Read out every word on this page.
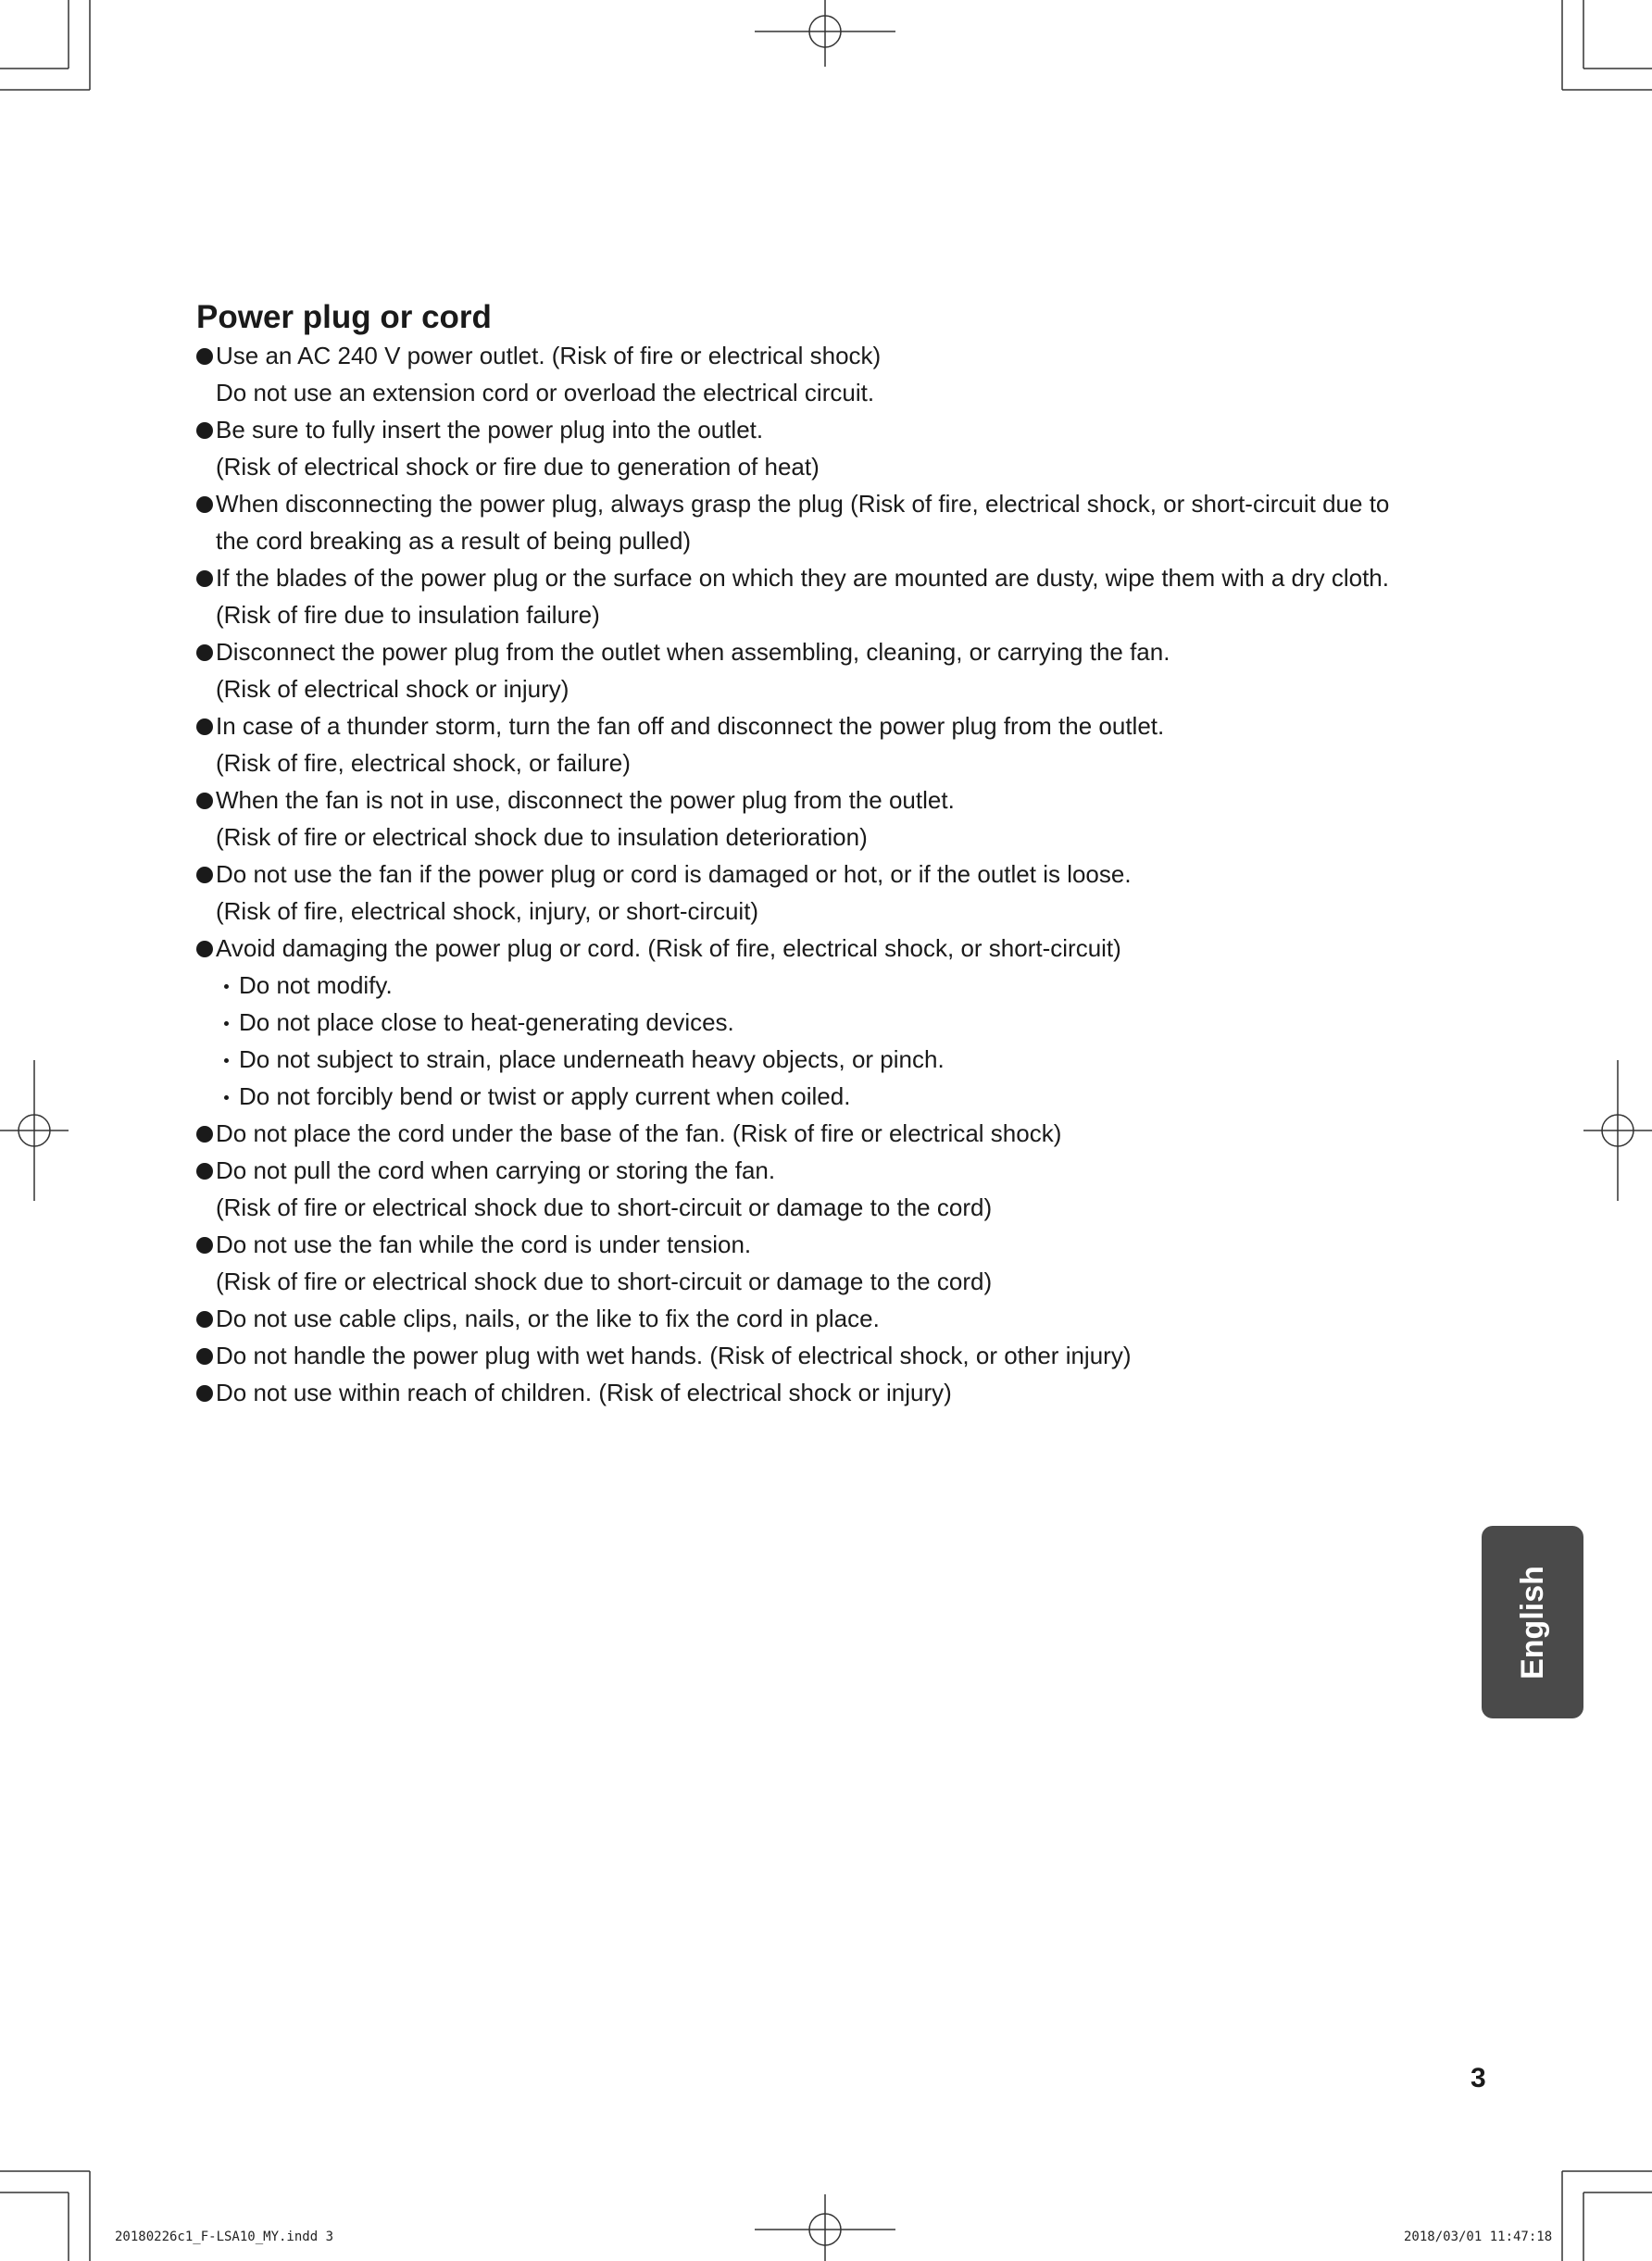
Power plug or cord
Use an AC 240 V power outlet. (Risk of fire or electrical shock)
Do not use an extension cord or overload the electrical circuit.
Be sure to fully insert the power plug into the outlet.
(Risk of electrical shock or fire due to generation of heat)
When disconnecting the power plug, always grasp the plug (Risk of fire, electrical shock, or short-circuit due to
the cord breaking as a result of being pulled)
If the blades of the power plug or the surface on which they are mounted are dusty, wipe them with a dry cloth.
(Risk of fire due to insulation failure)
Disconnect the power plug from the outlet when assembling, cleaning, or carrying the fan.
(Risk of electrical shock or injury)
In case of a thunder storm, turn the fan off and disconnect the power plug from the outlet.
(Risk of fire, electrical shock, or failure)
When the fan is not in use, disconnect the power plug from the outlet.
(Risk of fire or electrical shock due to insulation deterioration)
Do not use the fan if the power plug or cord is damaged or hot, or if the outlet is loose.
(Risk of fire, electrical shock, injury, or short-circuit)
Avoid damaging the power plug or cord. (Risk of fire, electrical shock, or short-circuit)
Do not modify.
Do not place close to heat-generating devices.
Do not subject to strain, place underneath heavy objects, or pinch.
Do not forcibly bend or twist or apply current when coiled.
Do not place the cord under the base of the fan. (Risk of fire or electrical shock)
Do not pull the cord when carrying or storing the fan.
(Risk of fire or electrical shock due to short-circuit or damage to the cord)
Do not use the fan while the cord is under tension.
(Risk of fire or electrical shock due to short-circuit or damage to the cord)
Do not use cable clips, nails, or the like to fix the cord in place.
Do not handle the power plug with wet hands. (Risk of electrical shock, or other injury)
Do not use within reach of children. (Risk of electrical shock or injury)
English
3
20180226c1_F-LSA10_MY.indd 3	2018/03/01 11:47:18
